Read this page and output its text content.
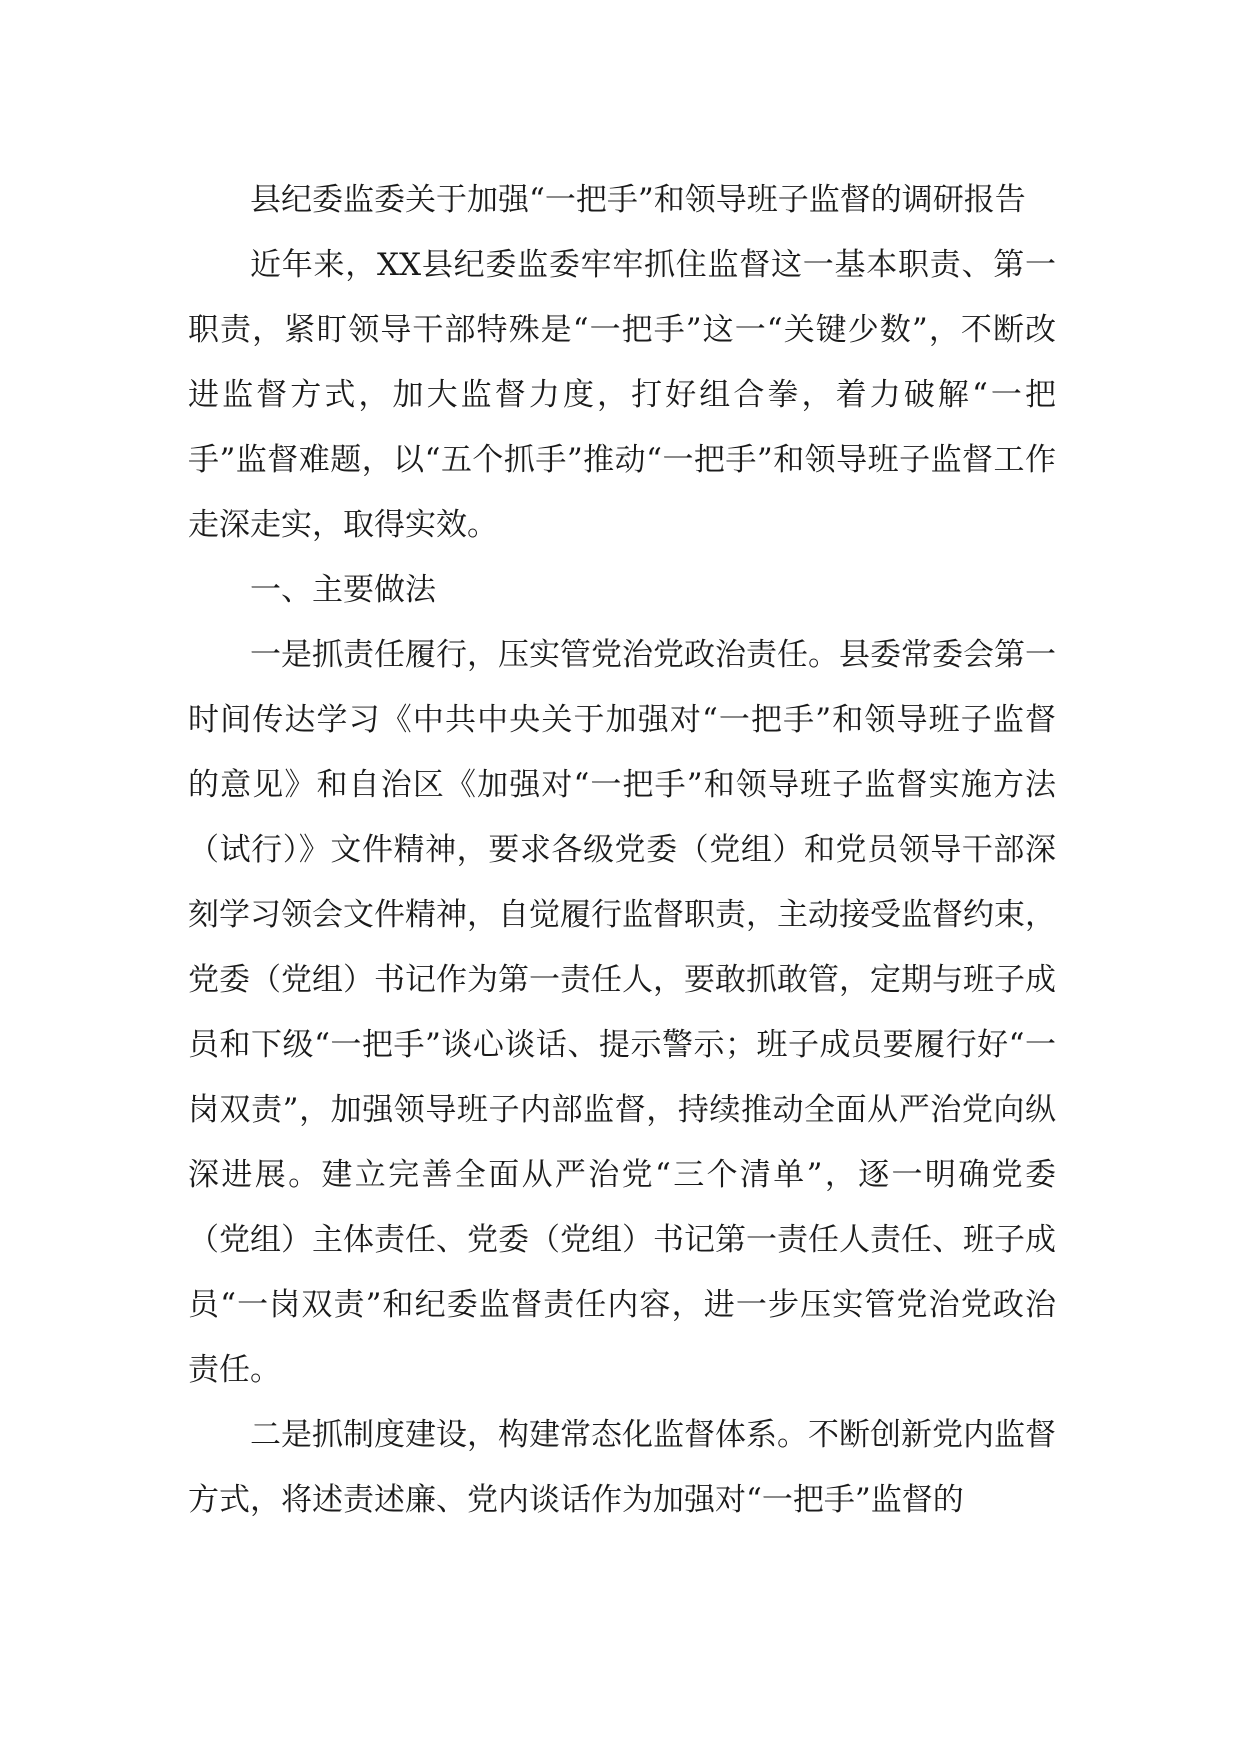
县纪委监委关于加强“一把手”和领导班子监督的调研报告

近年来，XX县纪委监委牢牢抓住监督这一基本职责、第一职责，紧盯领导干部特殊是“一把手”这一“关键少数”，不断改进监督方式，加大监督力度，打好组合拳，着力破解“一把手”监督难题，以“五个抓手”推动“一把手”和领导班子监督工作走深走实，取得实效。

一、主要做法

一是抓责任履行，压实管党治党政治责任。县委常委会第一时间传达学习《中共中央关于加强对“一把手”和领导班子监督的意见》和自治区《加强对“一把手”和领导班子监督实施方法（试行）》文件精神，要求各级党委（党组）和党员领导干部深刻学习领会文件精神，自觉履行监督职责，主动接受监督约束，党委（党组）书记作为第一责任人，要敢抓敢管，定期与班子成员和下级“一把手”谈心谈话、提示警示；班子成员要履行好“一岗双责”，加强领导班子内部监督，持续推动全面从严治党向纵深进展。建立完善全面从严治党“三个清单”，逐一明确党委（党组）主体责任、党委（党组）书记第一责任人责任、班子成员“一岗双责”和纪委监督责任内容，进一步压实管党治党政治责任。

二是抓制度建设，构建常态化监督体系。不断创新党内监督方式，将述责述廉、党内谈话作为加强对“一把手”监督的
